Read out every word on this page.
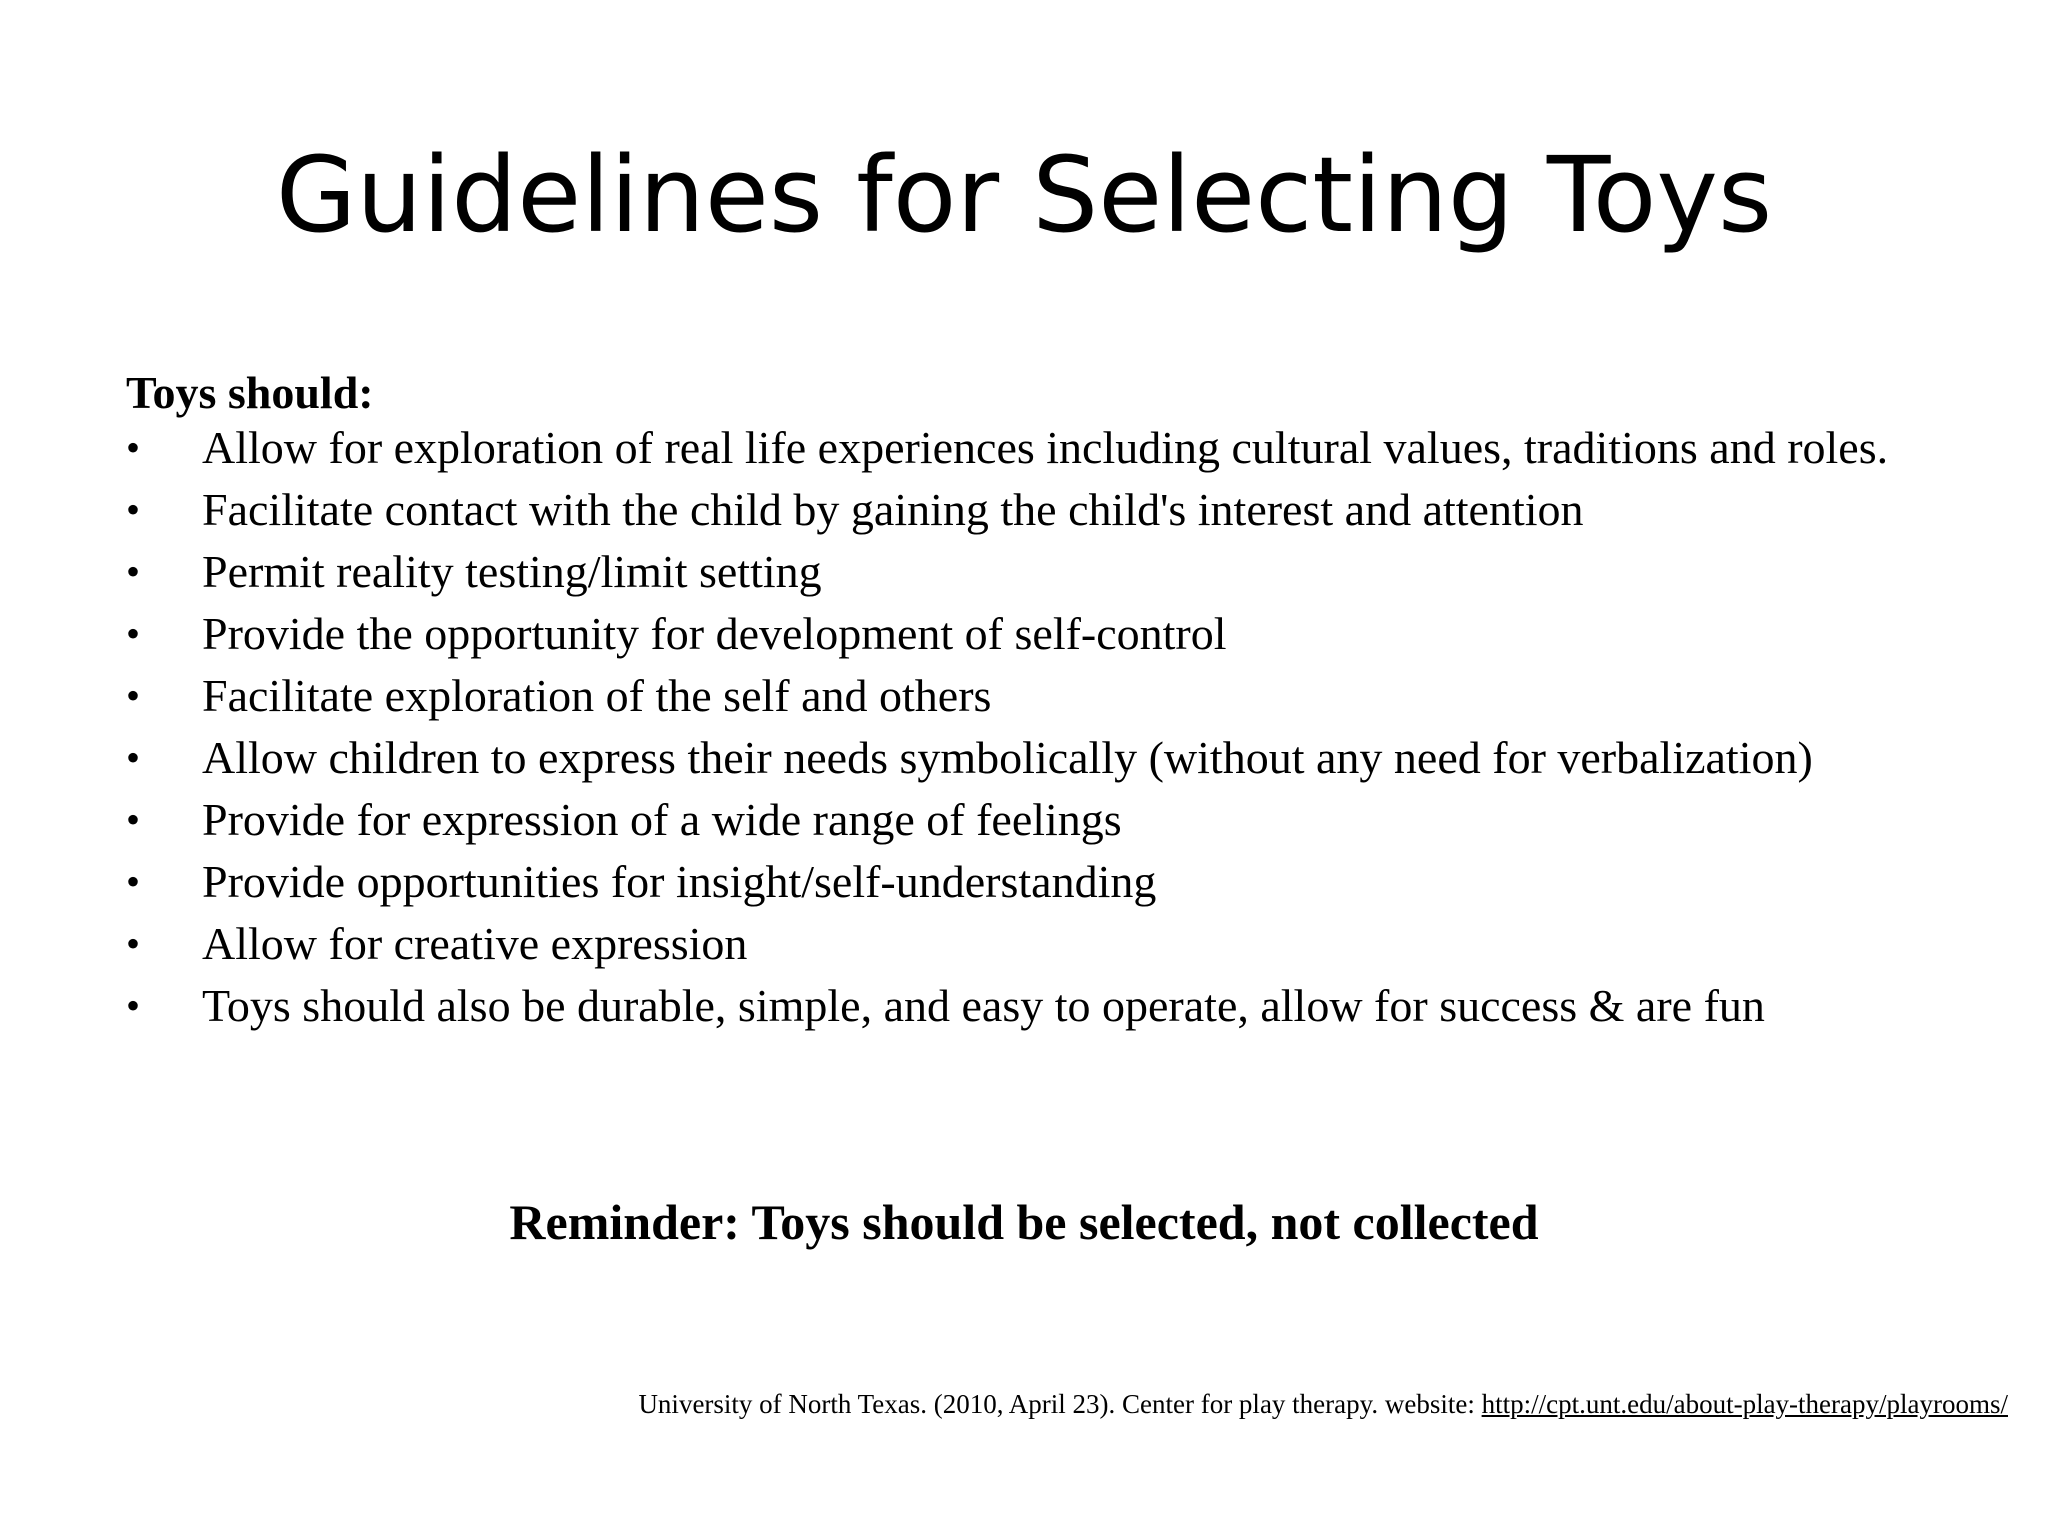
Guidelines for Selecting Toys

Toys should:

•	Allow for exploration of real life experiences including cultural values, traditions and roles.
•	Facilitate contact with the child by gaining the child's interest and attention
•	Permit reality testing/limit setting
•	Provide the opportunity for development of self-control
•	Facilitate exploration of the self and others
•	Allow children to express their needs symbolically (without any need for verbalization)
•	Provide for expression of a wide range of feelings
•	Provide opportunities for insight/self-understanding
•	Allow for creative expression
•	Toys should also be durable, simple, and easy to operate, allow for success & are fun
Reminder: Toys should be selected, not collected
University of North Texas. (2010, April 23). Center for play therapy. website: http://cpt.unt.edu/about-play-therapy/playrooms/
